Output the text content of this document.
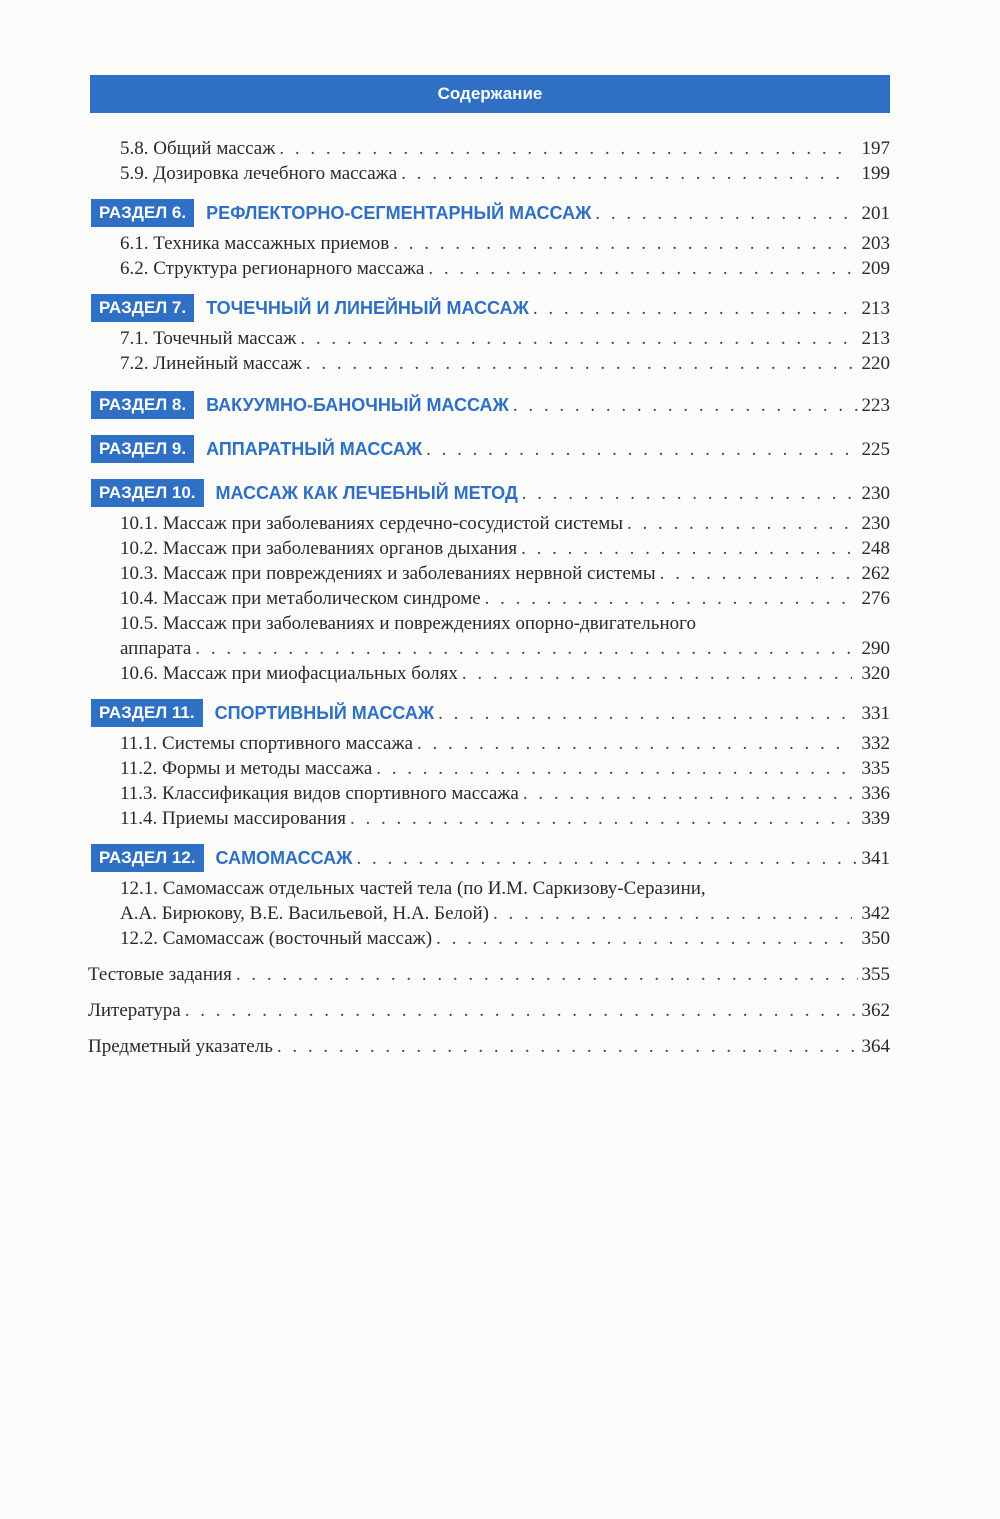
Содержание
5.8. Общий массаж . . .	197
5.9. Дозировка лечебного массажа . . .	199
РАЗДЕЛ 6.	РЕФЛЕКТОРНО-СЕГМЕНТАРНЫЙ МАССАЖ . . .	201
6.1. Техника массажных приемов . . .	203
6.2. Структура регионарного массажа . . .	209
РАЗДЕЛ 7.	ТОЧЕЧНЫЙ И ЛИНЕЙНЫЙ МАССАЖ . . .	213
7.1. Точечный массаж . . .	213
7.2. Линейный массаж . . .	220
РАЗДЕЛ 8.	ВАКУУМНО-БАНОЧНЫЙ МАССАЖ . . .	223
РАЗДЕЛ 9.	АППАРАТНЫЙ МАССАЖ . . .	225
РАЗДЕЛ 10.	МАССАЖ КАК ЛЕЧЕБНЫЙ МЕТОД . . .	230
10.1. Массаж при заболеваниях сердечно-сосудистой системы . . .	230
10.2. Массаж при заболеваниях органов дыхания . . .	248
10.3. Массаж при повреждениях и заболеваниях нервной системы . . .	262
10.4. Массаж при метаболическом синдроме . . .	276
10.5. Массаж при заболеваниях и повреждениях опорно-двигательного
аппарата . . .	290
10.6. Массаж при миофасциальных болях . . .	320
РАЗДЕЛ 11.	СПОРТИВНЫЙ МАССАЖ . . .	331
11.1. Системы спортивного массажа . . .	332
11.2. Формы и методы массажа . . .	335
11.3. Классификация видов спортивного массажа . . .	336
11.4. Приемы массирования . . .	339
РАЗДЕЛ 12.	САМОМАССАЖ . . .	341
12.1. Самомассаж отдельных частей тела (по И.М. Саркизову-Серазини,
А.А. Бирюкову, В.Е. Васильевой, Н.А. Белой) . . .	342
12.2. Самомассаж (восточный массаж) . . .	350
Тестовые задания . . .	355
Литература . . .	362
Предметный указатель . . .	364
